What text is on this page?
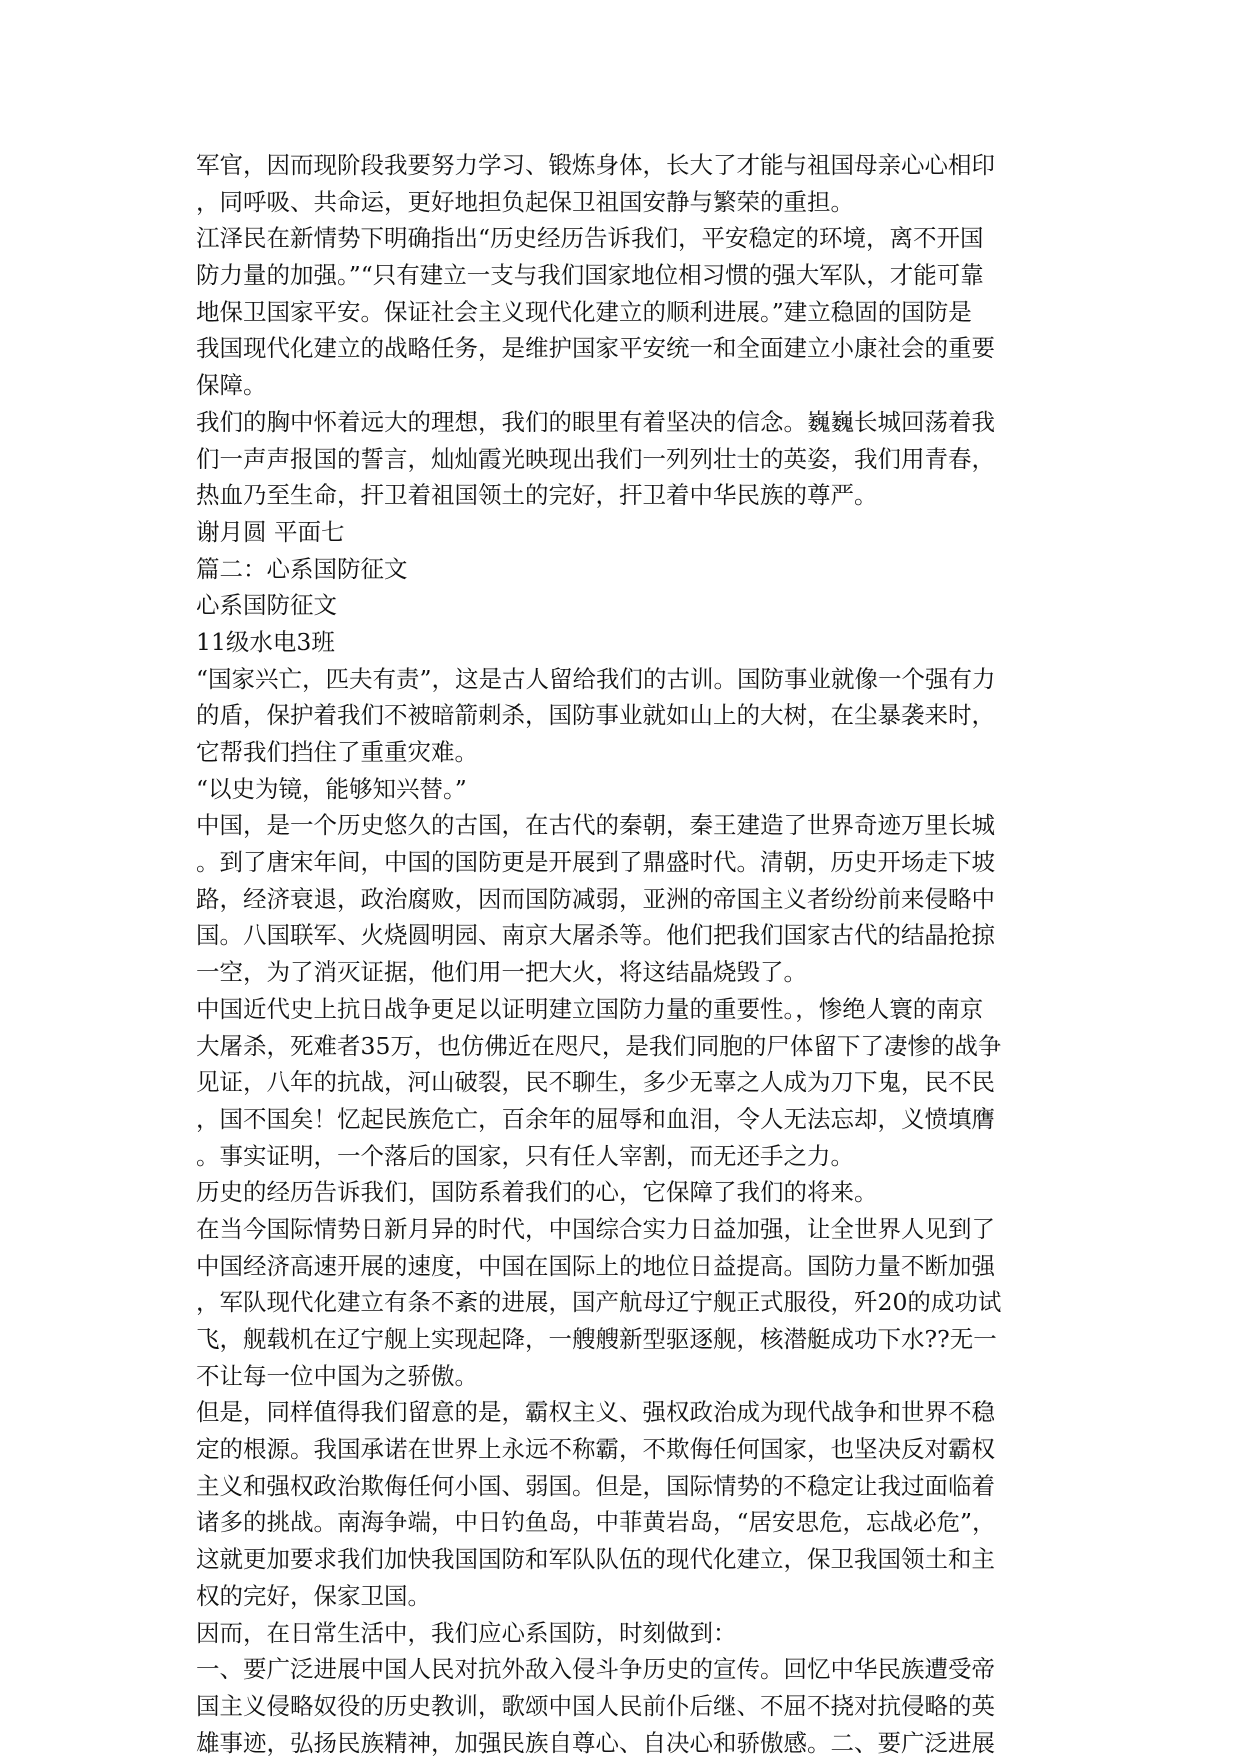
军官，因而现阶段我要努力学习、锻炼身体，长大了才能与祖国母亲心心相印
，同呼吸、共命运，更好地担负起保卫祖国安静与繁荣的重担。
江泽民在新情势下明确指出“历史经历告诉我们，平安稳定的环境，离不开国
防力量的加强。”“只有建立一支与我们国家地位相习惯的强大军队，才能可靠
地保卫国家平安。保证社会主义现代化建立的顺利进展。”建立稳固的国防是
我国现代化建立的战略任务，是维护国家平安统一和全面建立小康社会的重要
保障。
我们的胸中怀着远大的理想，我们的眼里有着坚决的信念。巍巍长城回荡着我
们一声声报国的誓言，灿灿霞光映现出我们一列列壮士的英姿，我们用青春，
热血乃至生命，扞卫着祖国领土的完好，扞卫着中华民族的尊严。
谢月圆 平面七
篇二：心系国防征文
心系国防征文
11级水电3班
“国家兴亡，匹夫有责”，这是古人留给我们的古训。国防事业就像一个强有力
的盾，保护着我们不被暗箭刺杀，国防事业就如山上的大树，在尘暴袭来时，
它帮我们挡住了重重灾难。
“以史为镜，能够知兴替。”
中国，是一个历史悠久的古国，在古代的秦朝，秦王建造了世界奇迹万里长城
。到了唐宋年间，中国的国防更是开展到了鼎盛时代。清朝，历史开场走下坡
路，经济衰退，政治腐败，因而国防减弱，亚洲的帝国主义者纷纷前来侵略中
国。八国联军、火烧圆明园、南京大屠杀等。他们把我们国家古代的结晶抢掠
一空，为了消灭证据，他们用一把大火，将这结晶烧毁了。
中国近代史上抗日战争更足以证明建立国防力量的重要性。，惨绝人寰的南京
大屠杀，死难者35万，也仿佛近在咫尺，是我们同胞的尸体留下了凄惨的战争
见证，八年的抗战，河山破裂，民不聊生，多少无辜之人成为刀下鬼，民不民
，国不国矣！忆起民族危亡，百余年的屈辱和血泪，令人无法忘却，义愤填膺
。事实证明，一个落后的国家，只有任人宰割，而无还手之力。
历史的经历告诉我们，国防系着我们的心，它保障了我们的将来。
在当今国际情势日新月异的时代，中国综合实力日益加强，让全世界人见到了
中国经济高速开展的速度，中国在国际上的地位日益提高。国防力量不断加强
，军队现代化建立有条不紊的进展，国产航母辽宁舰正式服役，歼20的成功试
飞，舰载机在辽宁舰上实现起降，一艘艘新型驱逐舰，核潜艇成功下水??无一
不让每一位中国为之骄傲。
但是，同样值得我们留意的是，霸权主义、强权政治成为现代战争和世界不稳
定的根源。我国承诺在世界上永远不称霸，不欺侮任何国家，也坚决反对霸权
主义和强权政治欺侮任何小国、弱国。但是，国际情势的不稳定让我过面临着
诸多的挑战。南海争端，中日钓鱼岛，中菲黄岩岛，“居安思危，忘战必危”，
这就更加要求我们加快我国国防和军队队伍的现代化建立，保卫我国领土和主
权的完好，保家卫国。
因而，在日常生活中，我们应心系国防，时刻做到：
一、要广泛进展中国人民对抗外敌入侵斗争历史的宣传。回忆中华民族遭受帝
国主义侵略奴役的历史教训，歌颂中国人民前仆后继、不屈不挠对抗侵略的英
雄事迹，弘扬民族精神，加强民族自尊心、自决心和骄傲感。二、要广泛进展
